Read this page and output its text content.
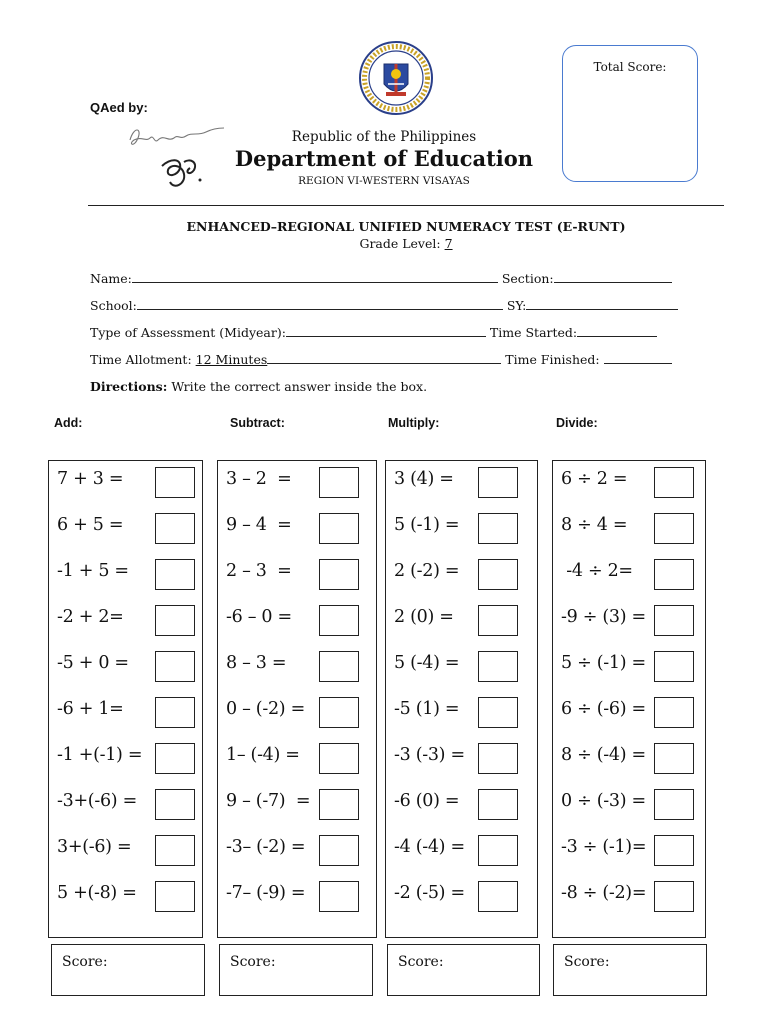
QAed by:
Republic of the Philippines
Department of Education
REGION VI-WESTERN VISAYAS
Total Score:
ENHANCED–REGIONAL UNIFIED NUMERACY TEST (E-RUNT)
Grade Level: 7
Name:	Section:
School:	SY:
Type of Assessment (Midyear):	Time Started:
Time Allotment: 12 Minutes	Time Finished:
Directions: Write the correct answer inside the box.
Add:	Subtract:	Multiply:	Divide:
7 + 3 =
6 + 5 =
-1 + 5 =
-2 + 2=
-5 + 0 =
-6 + 1=
-1 +(-1) =
-3+(-6) =
3+(-6) =
5 +(-8) =
3 – 2  =
9 – 4  =
2 – 3  =
-6 – 0 =
8 – 3 =
0 – (-2) =
1– (-4) =
9 – (-7)  =
-3– (-2) =
-7– (-9) =
3 (4) =
5 (-1) =
2 (-2) =
2 (0) =
5 (-4) =
-5 (1) =
-3 (-3) =
-6 (0) =
-4 (-4) =
-2 (-5) =
6 ÷ 2 =
8 ÷ 4 =
-4 ÷ 2=
-9 ÷ (3) =
5 ÷ (-1) =
6 ÷ (-6) =
8 ÷ (-4) =
0 ÷ (-3) =
-3 ÷ (-1)=
-8 ÷ (-2)=
Score:	Score:	Score:	Score:
